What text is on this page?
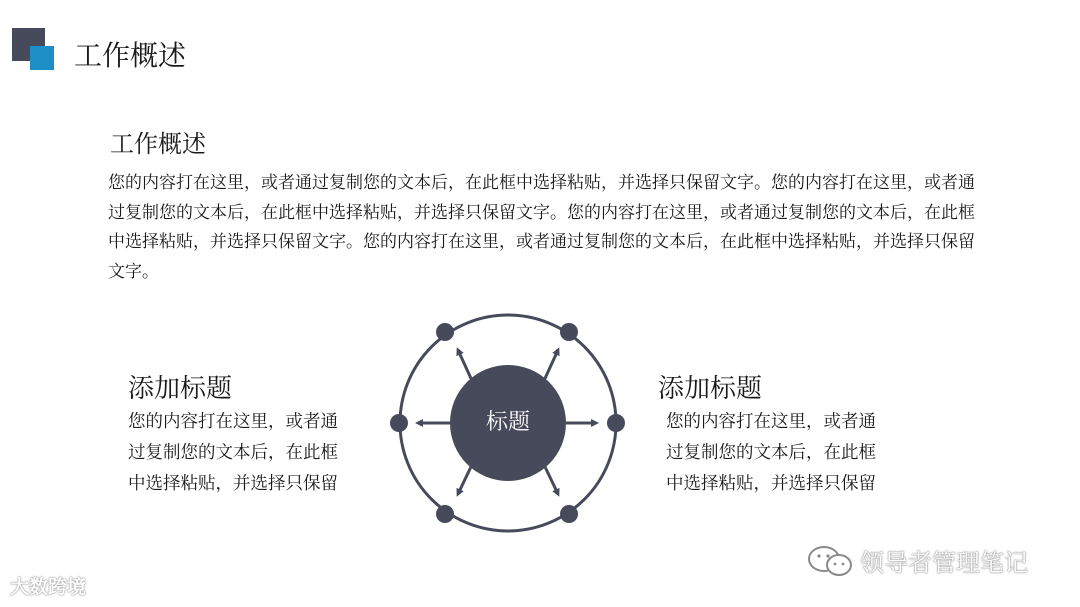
工作概述
工作概述
您的内容打在这里，或者通过复制您的文本后，在此框中选择粘贴，并选择只保留文字。您的内容打在这里，或者通过复制您的文本后，在此框中选择粘贴，并选择只保留文字。您的内容打在这里，或者通过复制您的文本后，在此框中选择粘贴，并选择只保留文字。您的内容打在这里，或者通过复制您的文本后，在此框中选择粘贴，并选择只保留文字。
添加标题
您的内容打在这里，或者通过复制您的文本后，在此框中选择粘贴，并选择只保留
标题
添加标题
您的内容打在这里，或者通过复制您的文本后，在此框中选择粘贴，并选择只保留
大数跨境
领导者管理笔记
